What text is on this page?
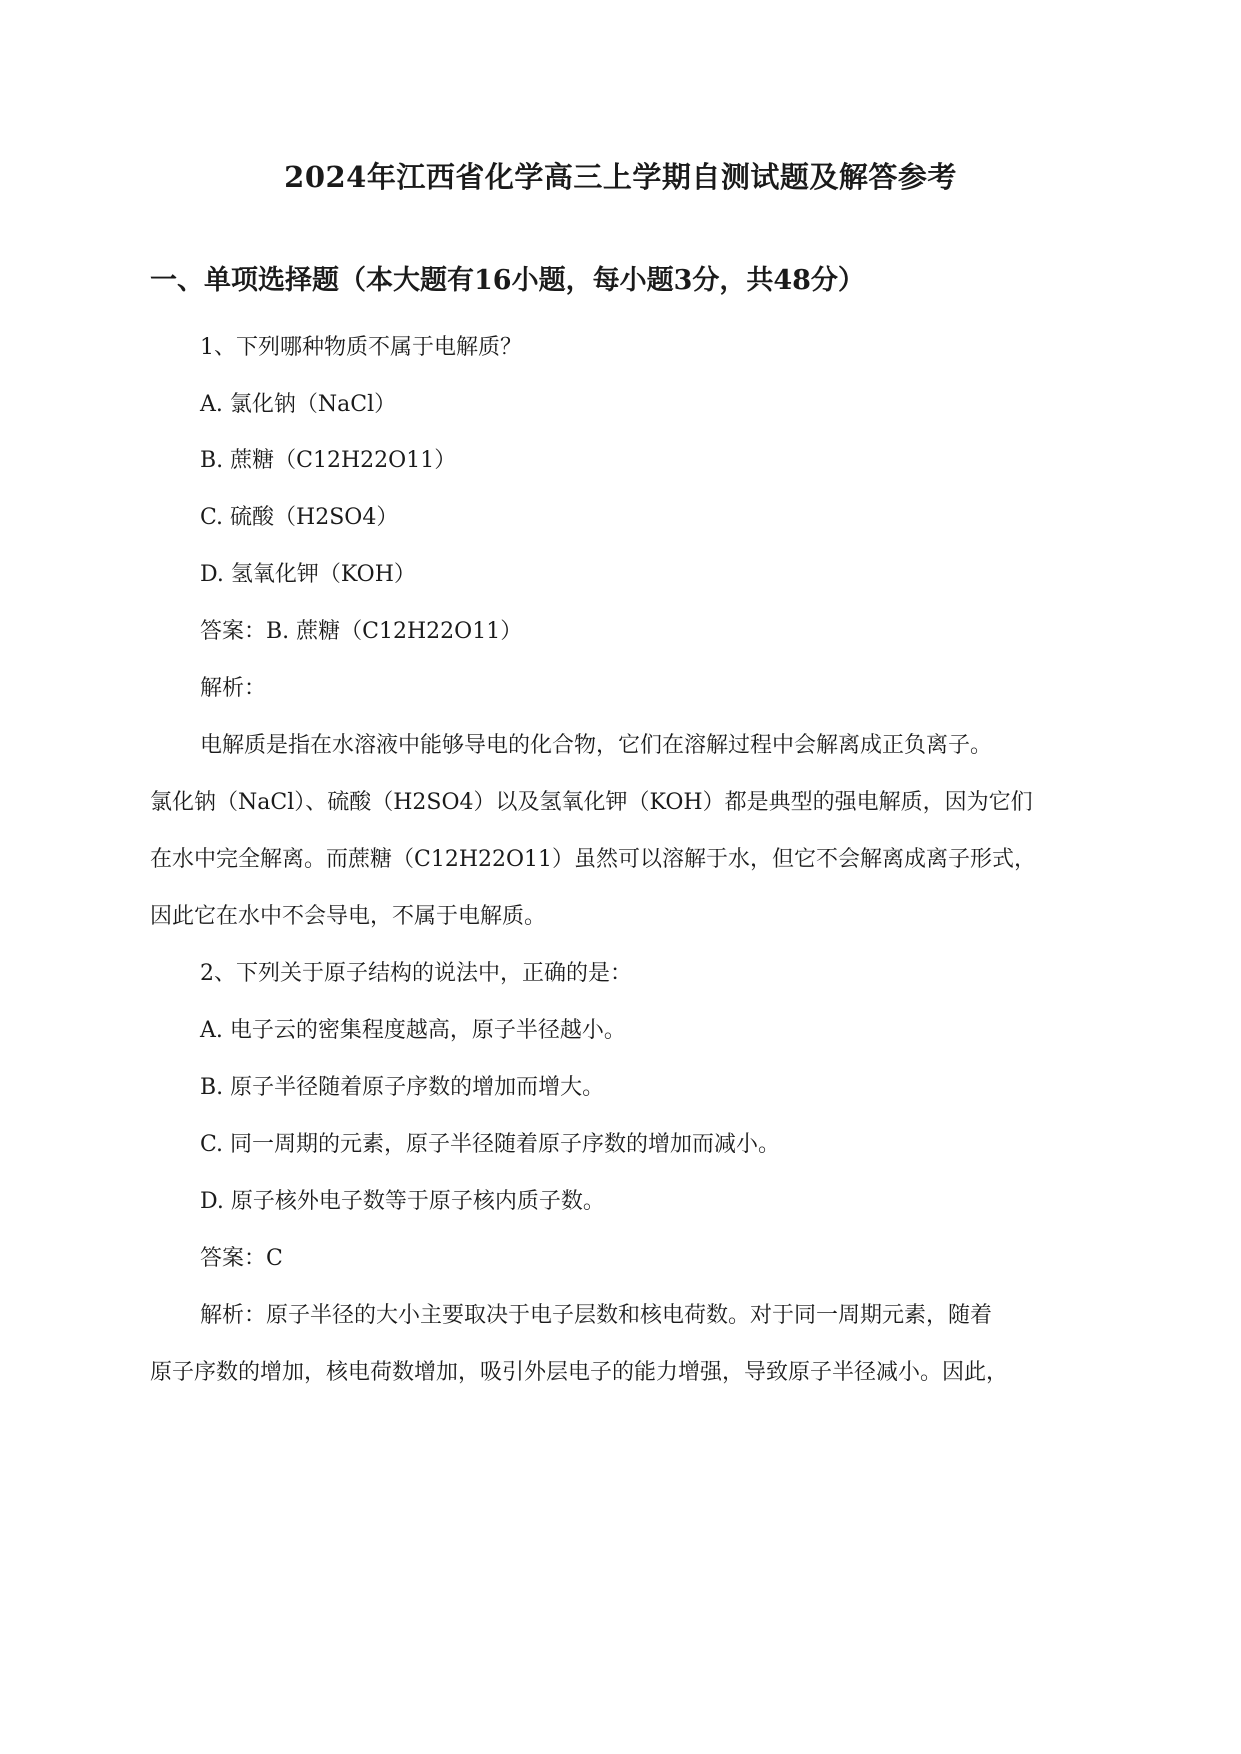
2024年江西省化学高三上学期自测试题及解答参考
一、单项选择题（本大题有16小题，每小题3分，共48分）
1、下列哪种物质不属于电解质？
A. 氯化钠（NaCl）
B. 蔗糖（C12H22O11）
C. 硫酸（H2SO4）
D. 氢氧化钾（KOH）
答案：B. 蔗糖（C12H22O11）
解析：
电解质是指在水溶液中能够导电的化合物，它们在溶解过程中会解离成正负离子。
氯化钠（NaCl）、硫酸（H2SO4）以及氢氧化钾（KOH）都是典型的强电解质，因为它们
在水中完全解离。而蔗糖（C12H22O11）虽然可以溶解于水，但它不会解离成离子形式，
因此它在水中不会导电，不属于电解质。
2、下列关于原子结构的说法中，正确的是：
A. 电子云的密集程度越高，原子半径越小。
B. 原子半径随着原子序数的增加而增大。
C. 同一周期的元素，原子半径随着原子序数的增加而减小。
D. 原子核外电子数等于原子核内质子数。
答案：C
解析：原子半径的大小主要取决于电子层数和核电荷数。对于同一周期元素，随着
原子序数的增加，核电荷数增加，吸引外层电子的能力增强，导致原子半径减小。因此，
